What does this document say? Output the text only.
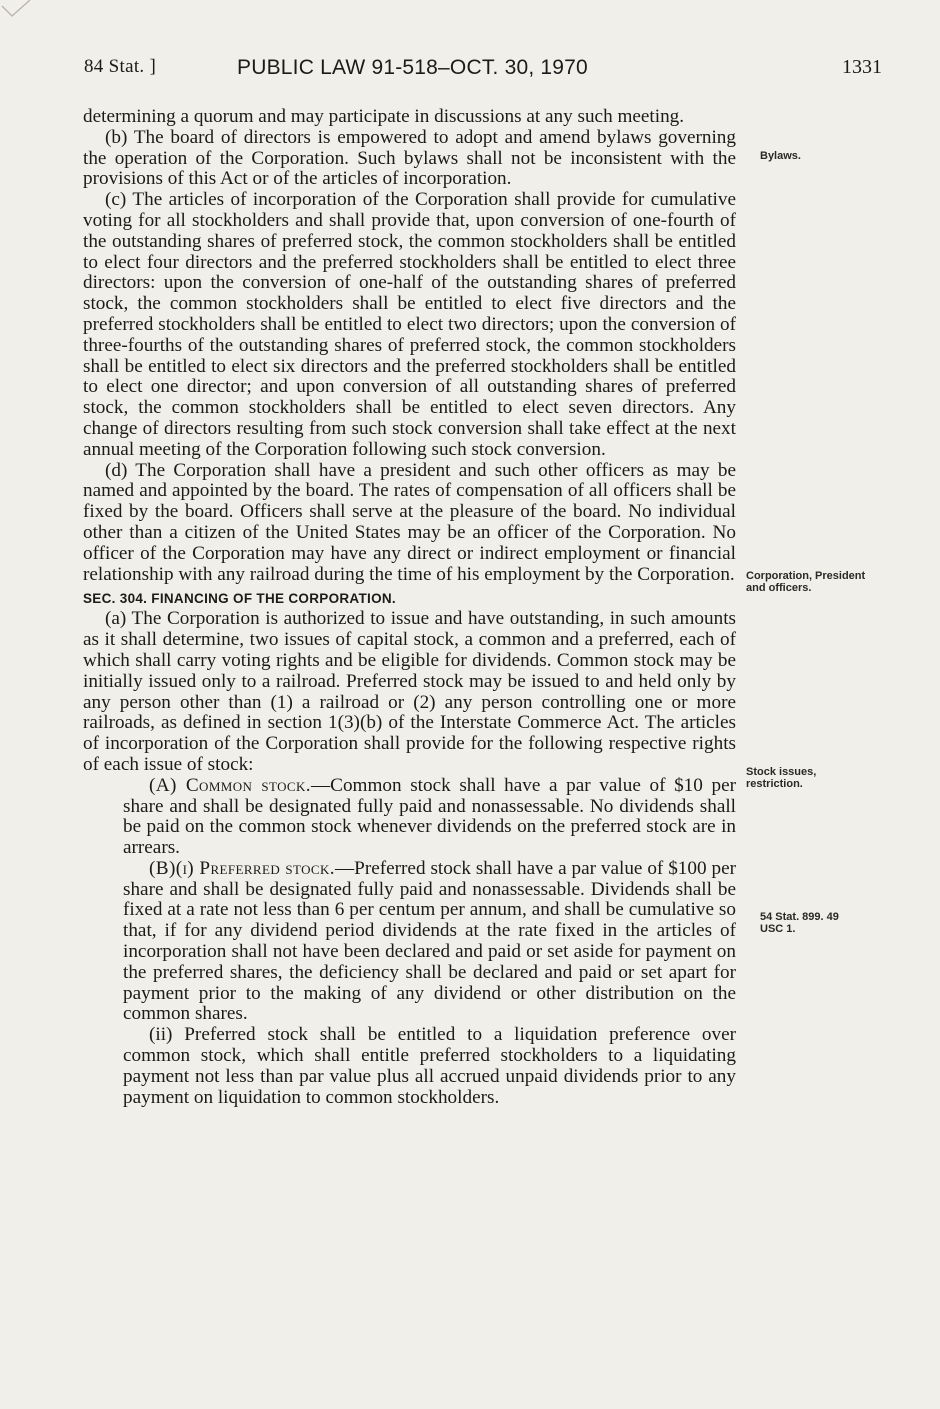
84 Stat. ]	PUBLIC LAW 91-518–OCT. 30, 1970	1331
Bylaws.
Corporation, President and officers.
Stock issues, restriction.
54 Stat. 899. 49 USC 1.

determining a quorum and may participate in discussions at any such meeting.

(b) The board of directors is empowered to adopt and amend bylaws governing the operation of the Corporation. Such bylaws shall not be inconsistent with the provisions of this Act or of the articles of incorporation.

(c) The articles of incorporation of the Corporation shall provide for cumulative voting for all stockholders and shall provide that, upon conversion of one-fourth of the outstanding shares of preferred stock, the common stockholders shall be entitled to elect four directors and the preferred stockholders shall be entitled to elect three directors: upon the conversion of one-half of the outstanding shares of preferred stock, the common stockholders shall be entitled to elect five directors and the preferred stockholders shall be entitled to elect two directors; upon the conversion of three-fourths of the outstanding shares of preferred stock, the common stockholders shall be entitled to elect six directors and the preferred stockholders shall be entitled to elect one director; and upon conversion of all outstanding shares of preferred stock, the common stockholders shall be entitled to elect seven directors. Any change of directors resulting from such stock conversion shall take effect at the next annual meeting of the Corporation following such stock conversion.

(d) The Corporation shall have a president and such other officers as may be named and appointed by the board. The rates of compensation of all officers shall be fixed by the board. Officers shall serve at the pleasure of the board. No individual other than a citizen of the United States may be an officer of the Corporation. No officer of the Corporation may have any direct or indirect employment or financial relationship with any railroad during the time of his employment by the Corporation.

SEC. 304. FINANCING OF THE CORPORATION.

(a) The Corporation is authorized to issue and have outstanding, in such amounts as it shall determine, two issues of capital stock, a common and a preferred, each of which shall carry voting rights and be eligible for dividends. Common stock may be initially issued only to a railroad. Preferred stock may be issued to and held only by any person other than (1) a railroad or (2) any person controlling one or more railroads, as defined in section 1(3)(b) of the Interstate Commerce Act. The articles of incorporation of the Corporation shall provide for the following respective rights of each issue of stock:

(A) Common stock.—Common stock shall have a par value of $10 per share and shall be designated fully paid and nonassessable. No dividends shall be paid on the common stock whenever dividends on the preferred stock are in arrears.

(B)(i) Preferred stock.—Preferred stock shall have a par value of $100 per share and shall be designated fully paid and nonassessable. Dividends shall be fixed at a rate not less than 6 per centum per annum, and shall be cumulative so that, if for any dividend period dividends at the rate fixed in the articles of incorporation shall not have been declared and paid or set aside for payment on the preferred shares, the deficiency shall be declared and paid or set apart for payment prior to the making of any dividend or other distribution on the common shares.

(ii) Preferred stock shall be entitled to a liquidation preference over common stock, which shall entitle preferred stockholders to a liquidating payment not less than par value plus all accrued unpaid dividends prior to any payment on liquidation to common stockholders.
